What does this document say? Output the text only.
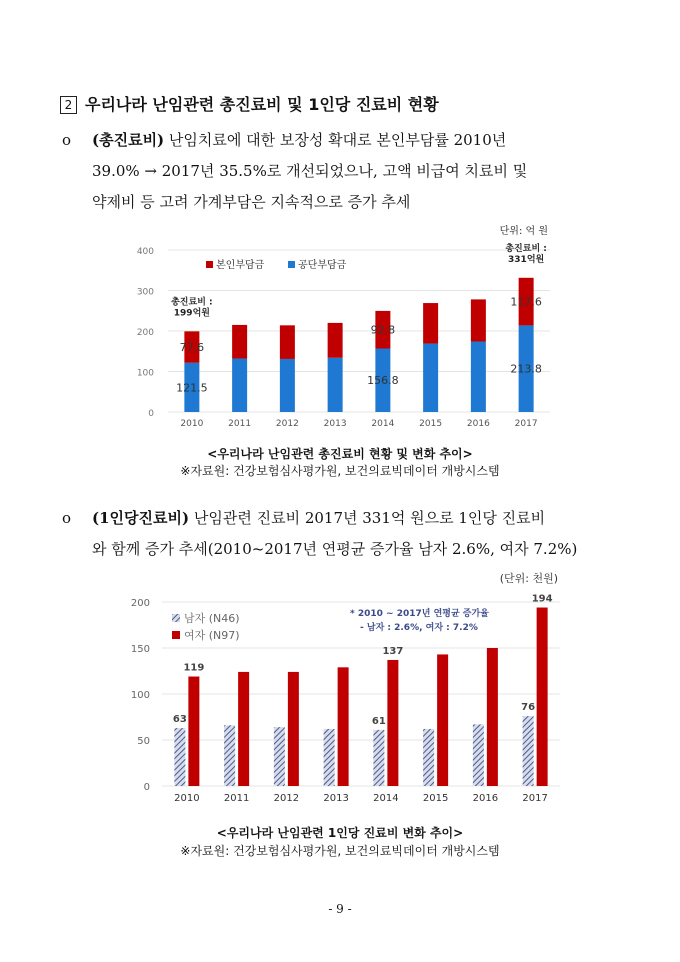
2 우리나라 난임관련 총진료비 및 1인당 진료비 현황
o (총진료비) 난임치료에 대한 보장성 확대로 본인부담률 2010년
39.0% → 2017년 35.5%로 개선되었으나, 고액 비급여 치료비 및
약제비 등 고려 가계부담은 지속적으로 증가 추세
0
100
200
300
400
2010	2011	2012	2013	2014	2015	2016	2017
77.6
121.5
92.8
156.8
117.6
213.8
총진료비 :
199억원
총진료비 :
331억원
단위: 억 원
본인부담금	공단부담금
<우리나라 난임관련 총진료비 현황 및 변화 추이>
※자료원: 건강보험심사평가원, 보건의료빅데이터 개방시스템
o (1인당진료비) 난임관련 진료비 2017년 331억 원으로 1인당 진료비
와 함께 증가 추세(2010~2017년 연평균 증가율 남자 2.6%, 여자 7.2%)
0
50
100
150
200
2010 2011 2012 2013 2014 2015 2016 2017
63
119
61
137
76
194
(단위: 천원)
남자 (N46)
여자 (N97)
* 2010 ~ 2017년 연평균 증가율
- 남자 : 2.6%, 여자 : 7.2%
<우리나라 난임관련 1인당 진료비 변화 추이>
※자료원: 건강보험심사평가원, 보건의료빅데이터 개방시스템
- 9 -
